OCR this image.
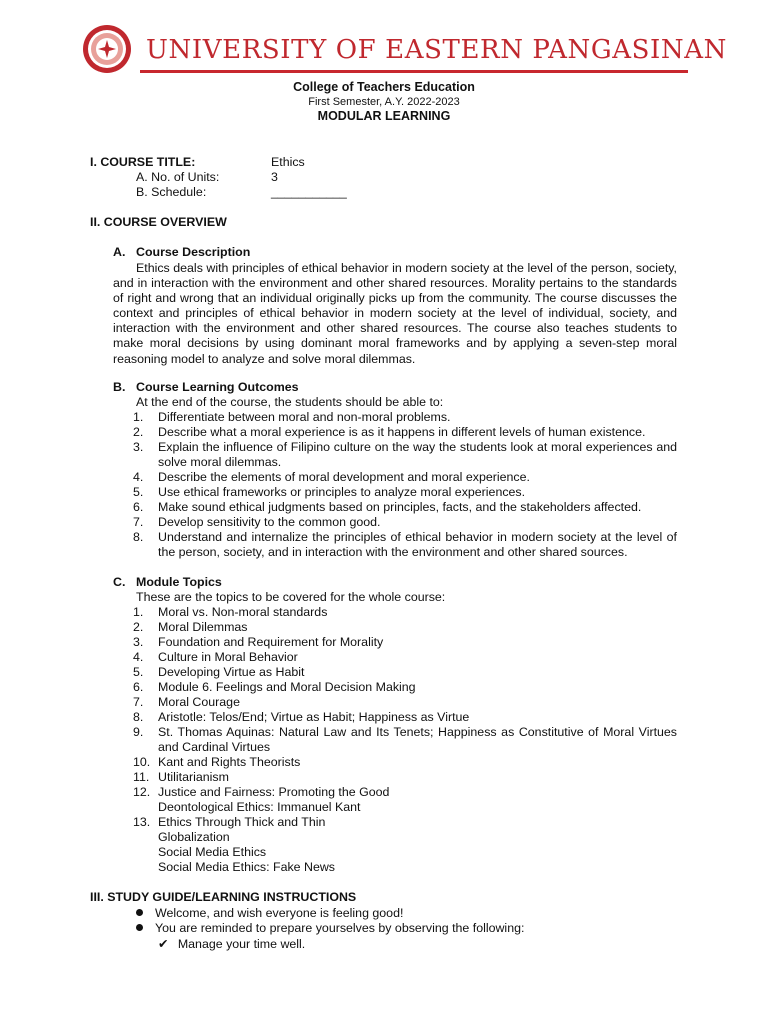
UNIVERSITY OF EASTERN PANGASINAN
College of Teachers Education
First Semester, A.Y. 2022-2023
MODULAR LEARNING
I. COURSE TITLE:	Ethics
A. No. of Units:	3
B. Schedule:	___________
II. COURSE OVERVIEW
A. Course Description
Ethics deals with principles of ethical behavior in modern society at the level of the person, society, and in interaction with the environment and other shared resources. Morality pertains to the standards of right and wrong that an individual originally picks up from the community. The course discusses the context and principles of ethical behavior in modern society at the level of individual, society, and interaction with the environment and other shared resources. The course also teaches students to make moral decisions by using dominant moral frameworks and by applying a seven-step moral reasoning model to analyze and solve moral dilemmas.
B. Course Learning Outcomes
At the end of the course, the students should be able to:
1. Differentiate between moral and non-moral problems.
2. Describe what a moral experience is as it happens in different levels of human existence.
3. Explain the influence of Filipino culture on the way the students look at moral experiences and solve moral dilemmas.
4. Describe the elements of moral development and moral experience.
5. Use ethical frameworks or principles to analyze moral experiences.
6. Make sound ethical judgments based on principles, facts, and the stakeholders affected.
7. Develop sensitivity to the common good.
8. Understand and internalize the principles of ethical behavior in modern society at the level of the person, society, and in interaction with the environment and other shared sources.
C. Module Topics
These are the topics to be covered for the whole course:
1. Moral vs. Non-moral standards
2. Moral Dilemmas
3. Foundation and Requirement for Morality
4. Culture in Moral Behavior
5. Developing Virtue as Habit
6. Module 6. Feelings and Moral Decision Making
7. Moral Courage
8. Aristotle: Telos/End; Virtue as Habit; Happiness as Virtue
9. St. Thomas Aquinas: Natural Law and Its Tenets; Happiness as Constitutive of Moral Virtues and Cardinal Virtues
10. Kant and Rights Theorists
11. Utilitarianism
12. Justice and Fairness: Promoting the Good
Deontological Ethics: Immanuel Kant
13. Ethics Through Thick and Thin
Globalization
Social Media Ethics
Social Media Ethics: Fake News
III. STUDY GUIDE/LEARNING INSTRUCTIONS
Welcome, and wish everyone is feeling good!
You are reminded to prepare yourselves by observing the following:
✔ Manage your time well.
